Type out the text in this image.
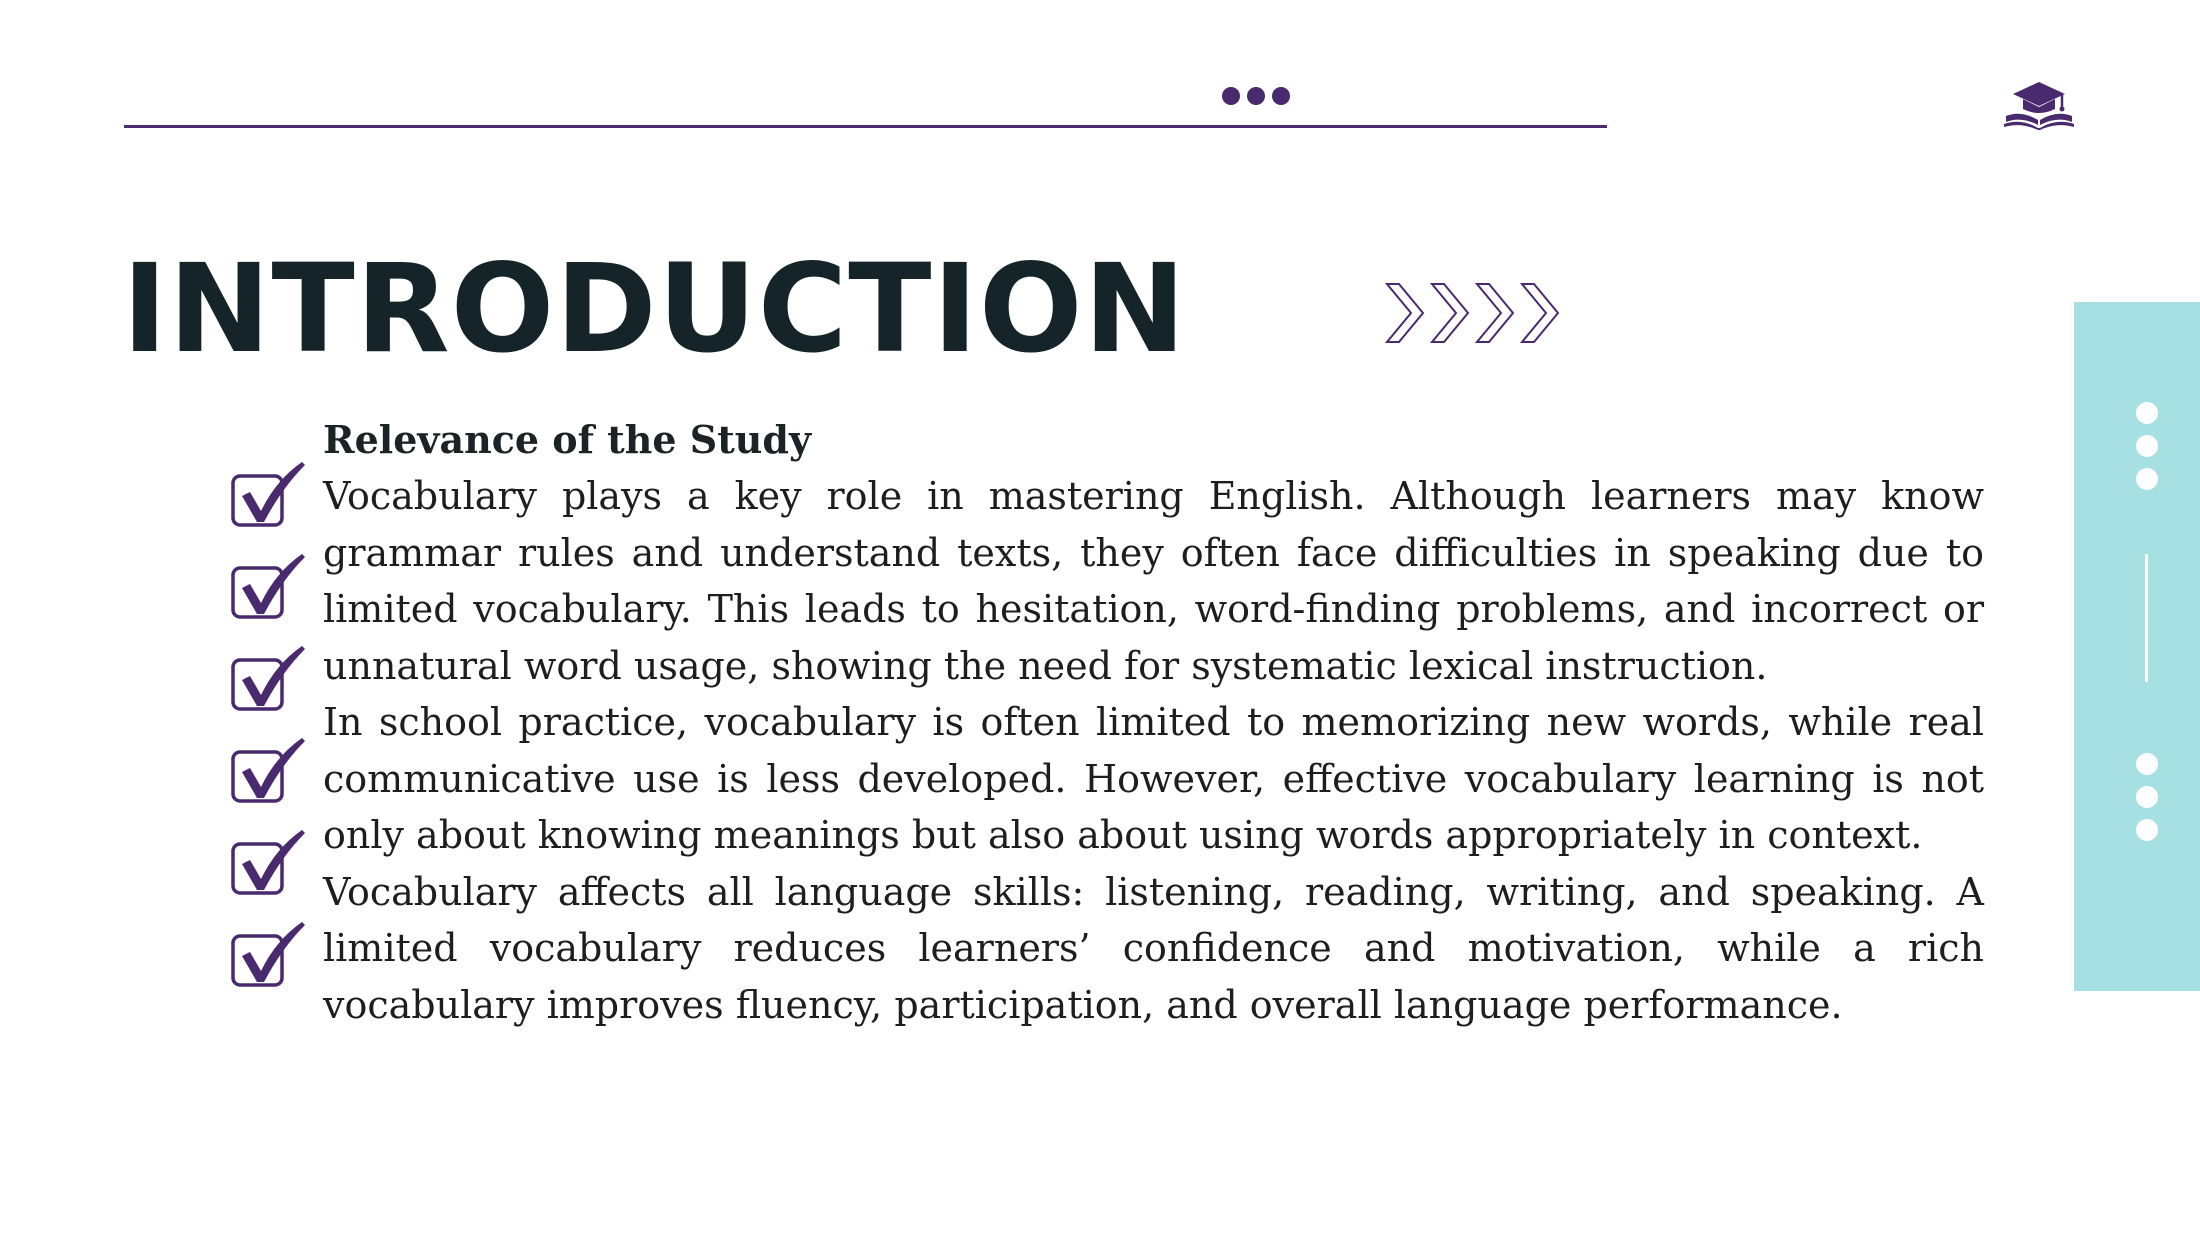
INTRODUCTION
Relevance of the Study

Vocabulary plays a key role in mastering English. Although learners may know grammar rules and understand texts, they often face difficulties in speaking due to limited vocabulary. This leads to hesitation, word-finding problems, and incorrect or unnatural word usage, showing the need for systematic lexical instruction.

In school practice, vocabulary is often limited to memorizing new words, while real communicative use is less developed. However, effective vocabulary learning is not only about knowing meanings but also about using words appropriately in context.

Vocabulary affects all language skills: listening, reading, writing, and speaking. A limited vocabulary reduces learners’ confidence and motivation, while a rich vocabulary improves fluency, participation, and overall language performance.
